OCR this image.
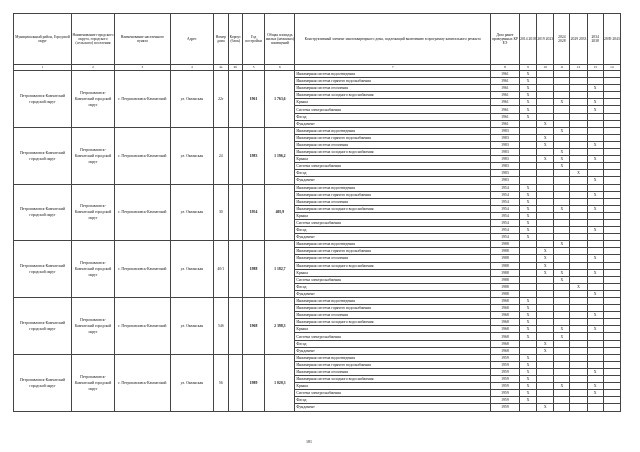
Муниципальный район, Городской округ	Наименование городского округа, городского (сельского) поселения	Наименование населенного пункта	Адрес	Номер дома	Корпус (блок)	Год постройки	Общая площадь жилых (нежилых) помещений	Конструктивный элемент многоквартирного дома, подлежащий включению в программу капитального ремонта	Дата ранее проведенных КР ЕЭ	2014 2018	2019 2023	2024 2028	2029 2033	2034 2038	2039 2043
1	2	3	4	4а	4б	5	6	7	8	9	10	11	12	13	14
Петропавловск-Камчатский городской округ	Петропавловск-Камчатский городской округ	г. Петропавловск-Камчатский	ул. Океанская	22г		1961	1 763,6	Инженерная система водоотведения	1961	X					
								Инженерная система горячего водоснабжения	1961	X					
								Инженерная система отопления	1961	X				X	
								Инженерная система холодного водоснабжения	1961	X					
								Крыша	1961	X		X		X	
								Система электроснабжения	1961	X				X	
								Фасад	1961	X					
								Фундамент	1961		X				
Петропавловск-Камчатский городской округ	Петропавловск-Камчатский городской округ	г. Петропавловск-Камчатский	ул. Океанская	24		1983	1 196,2	Инженерная система водоотведения	1983			X			
								Инженерная система горячего водоснабжения	1983		X				
								Инженерная система отопления	1983		X			X	
								Инженерная система холодного водоснабжения	1983			X			
								Крыша	1983		X	X		X	
								Система электроснабжения	1983			X			
								Фасад	1983				X		
								Фундамент	1983					X	
Петропавловск-Камчатский городской округ	Петропавловск-Камчатский городской округ	г. Петропавловск-Камчатский	ул. Океанская	30		1954	405,9	Инженерная система водоотведения	1954	X					
								Инженерная система горячего водоснабжения	1954	X				X	
								Инженерная система отопления	1954	X					
								Инженерная система холодного водоснабжения	1954	X		X		X	
								Крыша	1954	X					
								Система электроснабжения	1954	X					
								Фасад	1954	X				X	
								Фундамент	1954	X					
Петропавловск-Камчатский городской округ	Петропавловск-Камчатский городской округ	г. Петропавловск-Камчатский	ул. Океанская	40/1		1988	1 182,7	Инженерная система водоотведения	1988			X			
								Инженерная система горячего водоснабжения	1988		X				
								Инженерная система отопления	1988		X			X	
								Инженерная система холодного водоснабжения	1988		X				
								Крыша	1988		X	X		X	
								Система электроснабжения	1988			X			
								Фасад	1988				X		
								Фундамент	1988					X	
Петропавловск-Камчатский городской округ	Петропавловск-Камчатский городской округ	г. Петропавловск-Камчатский	ул. Океанская	54б		1968	2 398,3	Инженерная система водоотведения	1968	X					
								Инженерная система горячего водоснабжения	1968	X					
								Инженерная система отопления	1968	X				X	
								Инженерная система холодного водоснабжения	1968	X					
								Крыша	1968	X		X		X	
								Система электроснабжения	1968	X		X			
								Фасад	1968		X				
								Фундамент	1968		X				
Петропавловск-Камчатский городской округ	Петропавловск-Камчатский городской округ	г. Петропавловск-Камчатский	ул. Океанская	56		1989	1 020,3	Инженерная система водоотведения	1959	X					
								Инженерная система горячего водоснабжения	1959	X					
								Инженерная система отопления	1959	X				X	
								Инженерная система холодного водоснабжения	1959	X					
								Крыша	1959	X		X		X	
								Система электроснабжения	1959	X				X	
								Фасад	1959	X					
								Фундамент	1959		X				
181
